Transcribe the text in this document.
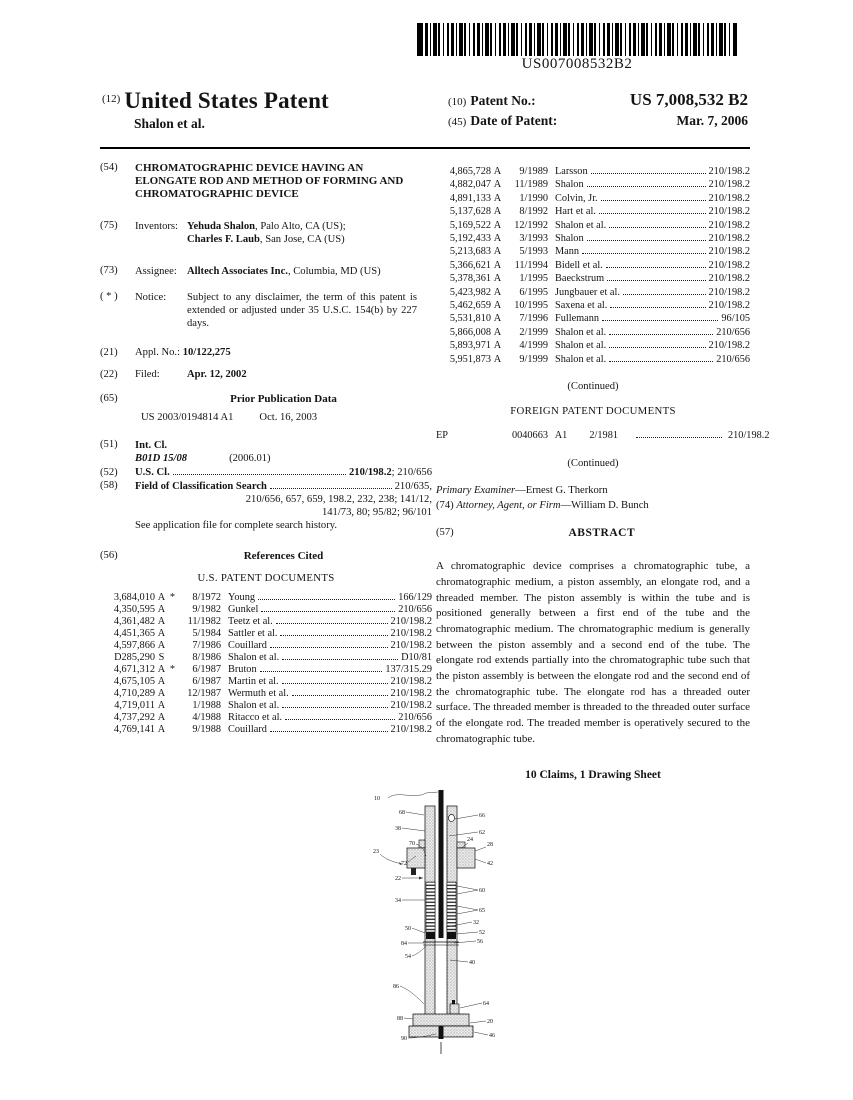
US007008532B2
$^{(12)}$ United States Patent
Shalon et al.
(10) Patent No.:	US 7,008,532 B2
(45) Date of Patent:	Mar. 7, 2006
(54)	CHROMATOGRAPHIC DEVICE HAVING AN ELONGATE ROD AND METHOD OF FORMING AND CHROMATOGRAPHIC DEVICE
(75)	Inventors: Yehuda Shalon, Palo Alto, CA (US);
Charles F. Laub, San Jose, CA (US)
(73)	Assignee: Alltech Associates Inc., Columbia, MD (US)
( * )	Notice: Subject to any disclaimer, the term of this patent is extended or adjusted under 35 U.S.C. 154(b) by 227 days.
(21)	Appl. No.: 10/122,275
(22)	Filed:	Apr. 12, 2002
(65)	Prior Publication Data
US 2003/0194814 A1 Oct. 16, 2003
(51)	Int. Cl.
B01D 15/08	(2006.01)
(52)	U.S. Cl.	210/198.2; 210/656
(58)	Field of Classification Search	210/635,
210/656, 657, 659, 198.2, 232, 238; 141/12,
141/73, 80; 95/82; 96/101
See application file for complete search history.
(56)	References Cited
U.S. PATENT DOCUMENTS
3,684,010 A *	8/1972 Young	166/129
4,350,595 A	9/1982 Gunkel	210/656
4,361,482 A	11/1982 Teetz et al.	210/198.2
4,451,365 A	5/1984 Sattler et al.	210/198.2
4,597,866 A	7/1986 Couillard	210/198.2
D285,290 S	8/1986 Shalon et al.	D10/81
4,671,312 A *	6/1987 Bruton	137/315.29
4,675,105 A	6/1987 Martin et al.	210/198.2
4,710,289 A	12/1987 Wermuth et al.	210/198.2
4,719,011 A	1/1988 Shalon et al.	210/198.2
4,737,292 A	4/1988 Ritacco et al.	210/656
4,769,141 A	9/1988 Couillard	210/198.2
4,865,728 A	9/1989 Larsson	210/198.2
4,882,047 A	11/1989 Shalon	210/198.2
4,891,133 A	1/1990 Colvin, Jr.	210/198.2
5,137,628 A	8/1992 Hart et al.	210/198.2
5,169,522 A	12/1992 Shalon et al.	210/198.2
5,192,433 A	3/1993 Shalon	210/198.2
5,213,683 A	5/1993 Mann	210/198.2
5,366,621 A	11/1994 Bidell et al.	210/198.2
5,378,361 A	1/1995 Baeckstrum	210/198.2
5,423,982 A	6/1995 Jungbauer et al.	210/198.2
5,462,659 A	10/1995 Saxena et al.	210/198.2
5,531,810 A	7/1996 Fullemann	96/105
5,866,008 A	2/1999 Shalon et al.	210/656
5,893,971 A	4/1999 Shalon et al.	210/198.2
5,951,873 A	9/1999 Shalon et al.	210/656
(Continued)
FOREIGN PATENT DOCUMENTS
EP	0040663 A1	2/1981	210/198.2
(Continued)
Primary Examiner—Ernest G. Therkorn
(74) Attorney, Agent, or Firm—William D. Bunch
(57)	ABSTRACT
A chromatographic device comprises a chromatographic tube, a chromatographic medium, a piston assembly, an elongate rod, and a threaded member. The piston assembly is within the tube and is positioned generally between a first end of the tube and the chromatographic medium. The chromatographic medium is generally between the piston assembly and a second end of the tube. The elongate rod extends partially into the chromatographic tube such that the piston assembly is between the elongate rod and the second end of the chromatographic tube. The elongate rod has a threaded outer surface. The threaded member is threaded to the threaded outer surface of the elongate rod. The treaded member is operatively secured to the chromatographic tube.
10 Claims, 1 Drawing Sheet
10
68	66
38
62
70
24
28
23
72	42
22
34
60
65
50
32
52
56
84
54
40
86
88
64
20
46
90
